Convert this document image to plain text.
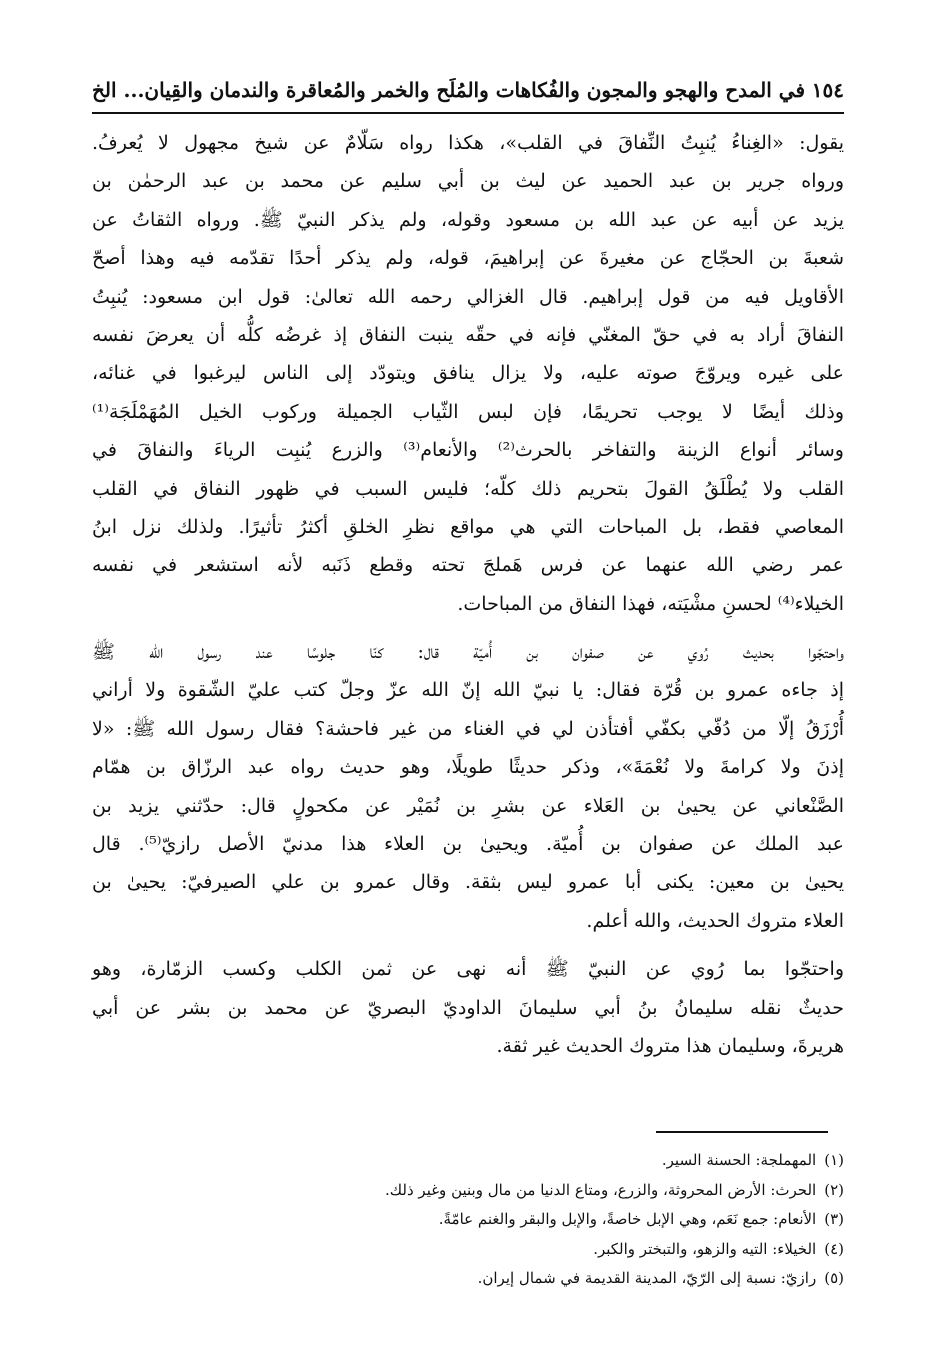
١٥٤
في المدح والهجو والمجون والفُكاهات والمُلَح والخمر والمُعاقرة والندمان والقِيان... الخ
يقول: «الغِناءُ يُنبِتُ النِّفاقَ في القلب»، هكذا رواه سَلّامٌ عن شيخ مجهول لا يُعرفُ.
ورواه جرير بن عبد الحميد عن ليث بن أبي سليم عن محمد بن عبد الرحمٰن بن
يزيد عن أبيه عن عبد الله بن مسعود وقوله، ولم يذكر النبيّ ﷺ. ورواه الثقاتُ عن
شعبةَ بن الحجّاج عن مغيرةَ عن إبراهيمَ، قوله، ولم يذكر أحدًا تقدّمه فيه وهذا أصحّ
الأقاويل فيه من قول إبراهيم. قال الغزالي رحمه الله تعالىٰ: قول ابن مسعود: يُنبِتُ
النفاقَ أراد به في حقّ المغنّي فإنه في حقّه ينبت النفاق إذ غرضُه كلُّه أن يعرضَ نفسه
على غيره ويروّجَ صوته عليه، ولا يزال ينافق ويتودّد إلى الناس ليرغبوا في غنائه،
وذلك أيضًا لا يوجب تحريمًا، فإن لبس الثّياب الجميلة وركوب الخيل المُهَمْلَجَة⁽¹⁾
وسائر أنواع الزينة والتفاخر بالحرث⁽²⁾ والأنعام⁽³⁾ والزرع يُنبِت الرياءَ والنفاقَ في
القلب ولا يُطْلَقُ القولَ بتحريم ذلك كلّه؛ فليس السبب في ظهور النفاق في القلب
المعاصي فقط، بل المباحات التي هي مواقع نظرِ الخلقِ أكثرُ تأثيرًا. ولذلك نزل ابنُ
عمر رضي الله عنهما عن فرس هَملجَ تحته وقطع ذَنَبه لأنه استشعر في نفسه
الخيلاء⁽⁴⁾ لحسنِ مشْيَته، فهذا النفاق من المباحات.
واحتجّوا بحديث رُوي عن صفوان بن أُميّة قال: كنّا جلوسًا عند رسول الله ﷺ
إذ جاءه عمرو بن قُرّة فقال: يا نبيّ الله إنّ الله عزّ وجلّ كتب عليّ الشّقوة ولا أراني
أُرْزَقُ إلّا من دُفّي بكفّي أفتأذن لي في الغناء من غير فاحشة؟ فقال رسول الله ﷺ: «لا
إذنَ ولا كرامةَ ولا نُعْمَةَ»، وذكر حديثًا طويلًا، وهو حديث رواه عبد الرزّاق بن همّام
الصَّنْعاني عن يحيىٰ بن العَلاء عن بشرِ بن نُمَيْر عن مكحولٍ قال: حدّثني يزيد بن
عبد الملك عن صفوان بن أُميّة. ويحيىٰ بن العلاء هذا مدنيّ الأصل رازيّ⁽⁵⁾. قال
يحيىٰ بن معين: يكنى أبا عمرو ليس بثقة. وقال عمرو بن علي الصيرفيّ: يحيىٰ بن
العلاء متروك الحديث، والله أعلم.
واحتجّوا بما رُوي عن النبيّ ﷺ أنه نهى عن ثمن الكلب وكسب الزمّارة، وهو
حديثٌ نقله سليمانُ بنُ أبي سليمانَ الداوديّ البصريّ عن محمد بن بشر عن أبي
هريرةَ، وسليمان هذا متروك الحديث غير ثقة.
(١)المهملجة: الحسنة السير.
(٢)الحرث: الأرض المحروثة، والزرع، ومتاع الدنيا من مال وبنين وغير ذلك.
(٣)الأنعام: جمع نَعَم، وهي الإبل خاصةً، والإبل والبقر والغنم عامّةً.
(٤)الخيلاء: التيه والزهو، والتبختر والكبر.
(٥)رازيّ: نسبة إلى الرّيّ، المدينة القديمة في شمال إيران.
